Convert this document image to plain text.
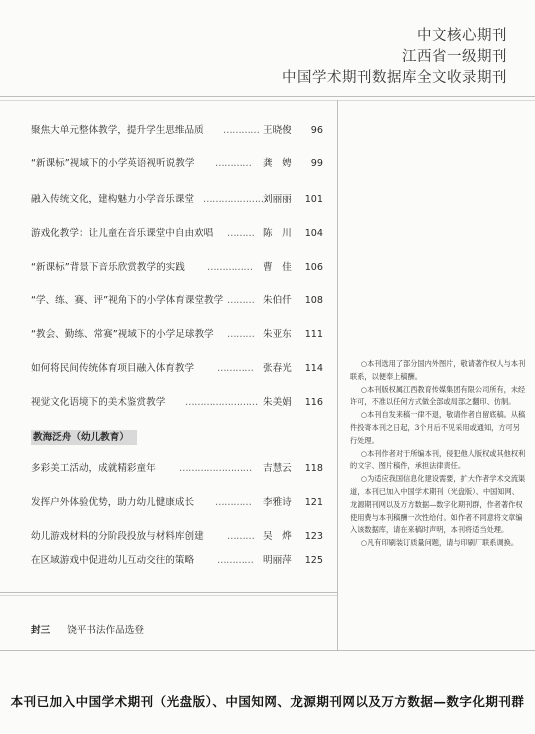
中文核心期刊
江西省一级期刊
中国学术期刊数据库全文收录期刊
聚焦大单元整体教学，提升学生思维品质 ………… 王晓俊 96
“新课标”视域下的小学英语视听说教学 ………… 龚　娉 99
融入传统文化，建构魅力小学音乐课堂 …………………
刘丽丽 101
游戏化教学：让儿童在音乐课堂中自由欢唱 ……… 陈　川 104
“新课标”背景下音乐欣赏教学的实践 …………… 曹　佳 106
“学、练、赛、评”视角下的小学体育课堂教学 ……… 朱伯仟 108
“教会、勤练、常赛”视域下的小学足球教学 ……… 朱亚东 111
如何将民间传统体育项目融入体育教学 ………… 张春光 114
视觉文化语境下的美术鉴赏教学 …………………… 朱美娟 116
多彩美工活动，成就精彩童年 …………………… 吉慧云 118
发挥户外体验优势，助力幼儿健康成长 ………… 李雅诗 121
幼儿游戏材料的分阶段投放与材料库创建 ……… 吴　烨 123
在区域游戏中促进幼儿互动交往的策略 ………… 明丽萍 125
教海泛舟（幼儿教育）
封三 饶平书法作品选登

○本刊选用了部分国内外图片，敬请著作权人与本刊联系，以便奉上稿酬。

○本刊版权属江西教育传媒集团有限公司所有，未经许可，不准以任何方式做全部或局部之翻印、仿制。

○本刊自发来稿一律不退，敬请作者自留底稿。从稿件投寄本刊之日起，3个月后不见采用或通知，方可另行处理。

○本刊作者对于所编本刊，侵犯他人版权或其他权利的文字、图片稿件，承担法律责任。

○为适应我国信息化建设需要，扩大作者学术交流渠道，本刊已加入中国学术期刊（光盘版）、中国知网、龙源期刊网以及万方数据—数字化期刊群，作者著作权使用费与本刊稿酬一次性给付。如作者不同意将文章编入该数据库，请在来稿时声明，本刊将适当处理。

○凡有印刷装订质量问题，请与印刷厂联系调换。

本刊已加入中国学术期刊（光盘版）、中国知网、龙源期刊网以及万方数据—数字化期刊群
